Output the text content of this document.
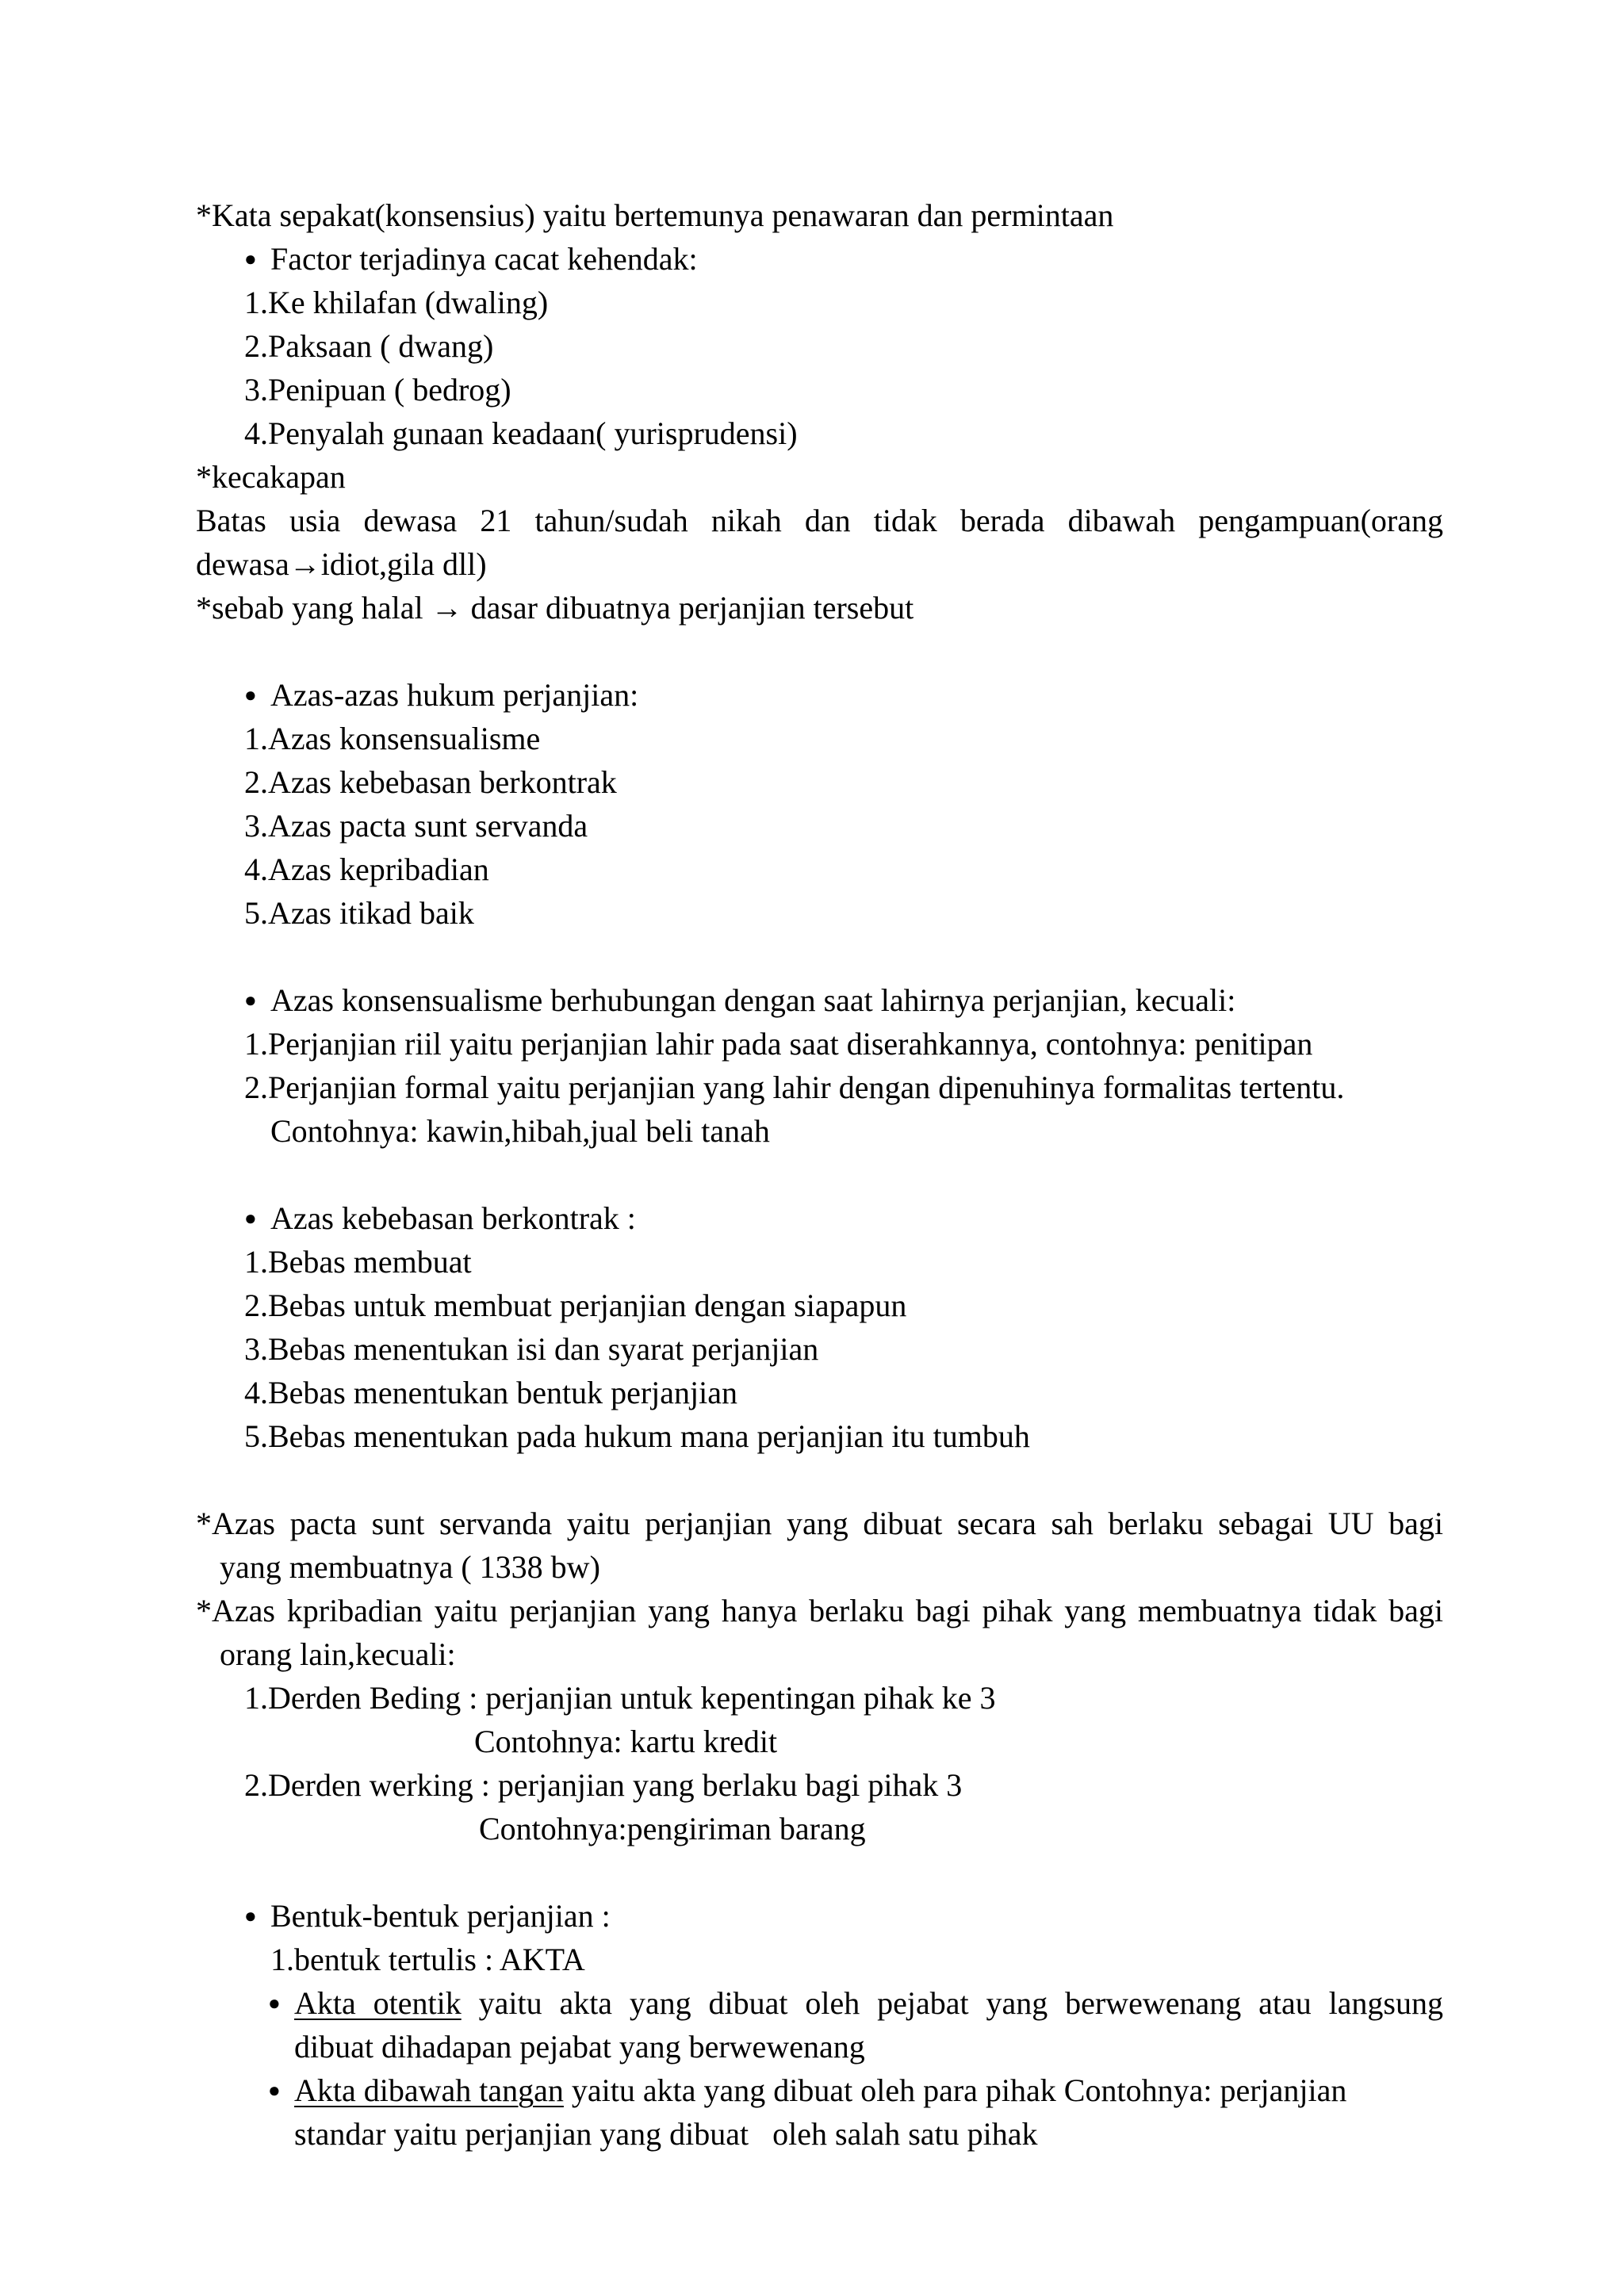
*Kata sepakat(konsensius) yaitu bertemunya penawaran dan permintaan
● Factor terjadinya cacat kehendak:
1.Ke khilafan (dwaling)
2.Paksaan ( dwang)
3.Penipuan ( bedrog)
4.Penyalah gunaan keadaan( yurisprudensi)
*kecakapan
Batas usia dewasa 21 tahun/sudah nikah dan tidak berada dibawah pengampuan(orang
dewasa→idiot,gila dll)
*sebab yang halal → dasar dibuatnya perjanjian tersebut
● Azas-azas hukum perjanjian:
1.Azas konsensualisme
2.Azas kebebasan berkontrak
3.Azas pacta sunt servanda
4.Azas kepribadian
5.Azas itikad baik
● Azas konsensualisme berhubungan dengan saat lahirnya perjanjian, kecuali:
1.Perjanjian riil yaitu perjanjian lahir pada saat diserahkannya, contohnya: penitipan
2.Perjanjian formal yaitu perjanjian yang lahir dengan dipenuhinya formalitas tertentu.
Contohnya: kawin,hibah,jual beli tanah
● Azas kebebasan berkontrak :
1.Bebas membuat
2.Bebas untuk membuat perjanjian dengan siapapun
3.Bebas menentukan isi dan syarat perjanjian
4.Bebas menentukan bentuk perjanjian
5.Bebas menentukan pada hukum mana perjanjian itu tumbuh
*Azas pacta sunt servanda yaitu perjanjian yang dibuat secara sah berlaku sebagai UU bagi
yang membuatnya ( 1338 bw)
*Azas kpribadian yaitu perjanjian yang hanya berlaku bagi pihak yang membuatnya tidak bagi
orang lain,kecuali:
1.Derden Beding : perjanjian untuk kepentingan pihak ke 3
Contohnya: kartu kredit
2.Derden werking : perjanjian yang berlaku bagi pihak 3
Contohnya:pengiriman barang
● Bentuk-bentuk perjanjian :
1.bentuk tertulis : AKTA
● Akta otentik yaitu akta yang dibuat oleh pejabat yang berwewenang atau langsung
dibuat dihadapan pejabat yang berwewenang
● Akta dibawah tangan yaitu akta yang dibuat oleh para pihak Contohnya: perjanjian
standar yaitu perjanjian yang dibuat   oleh salah satu pihak
